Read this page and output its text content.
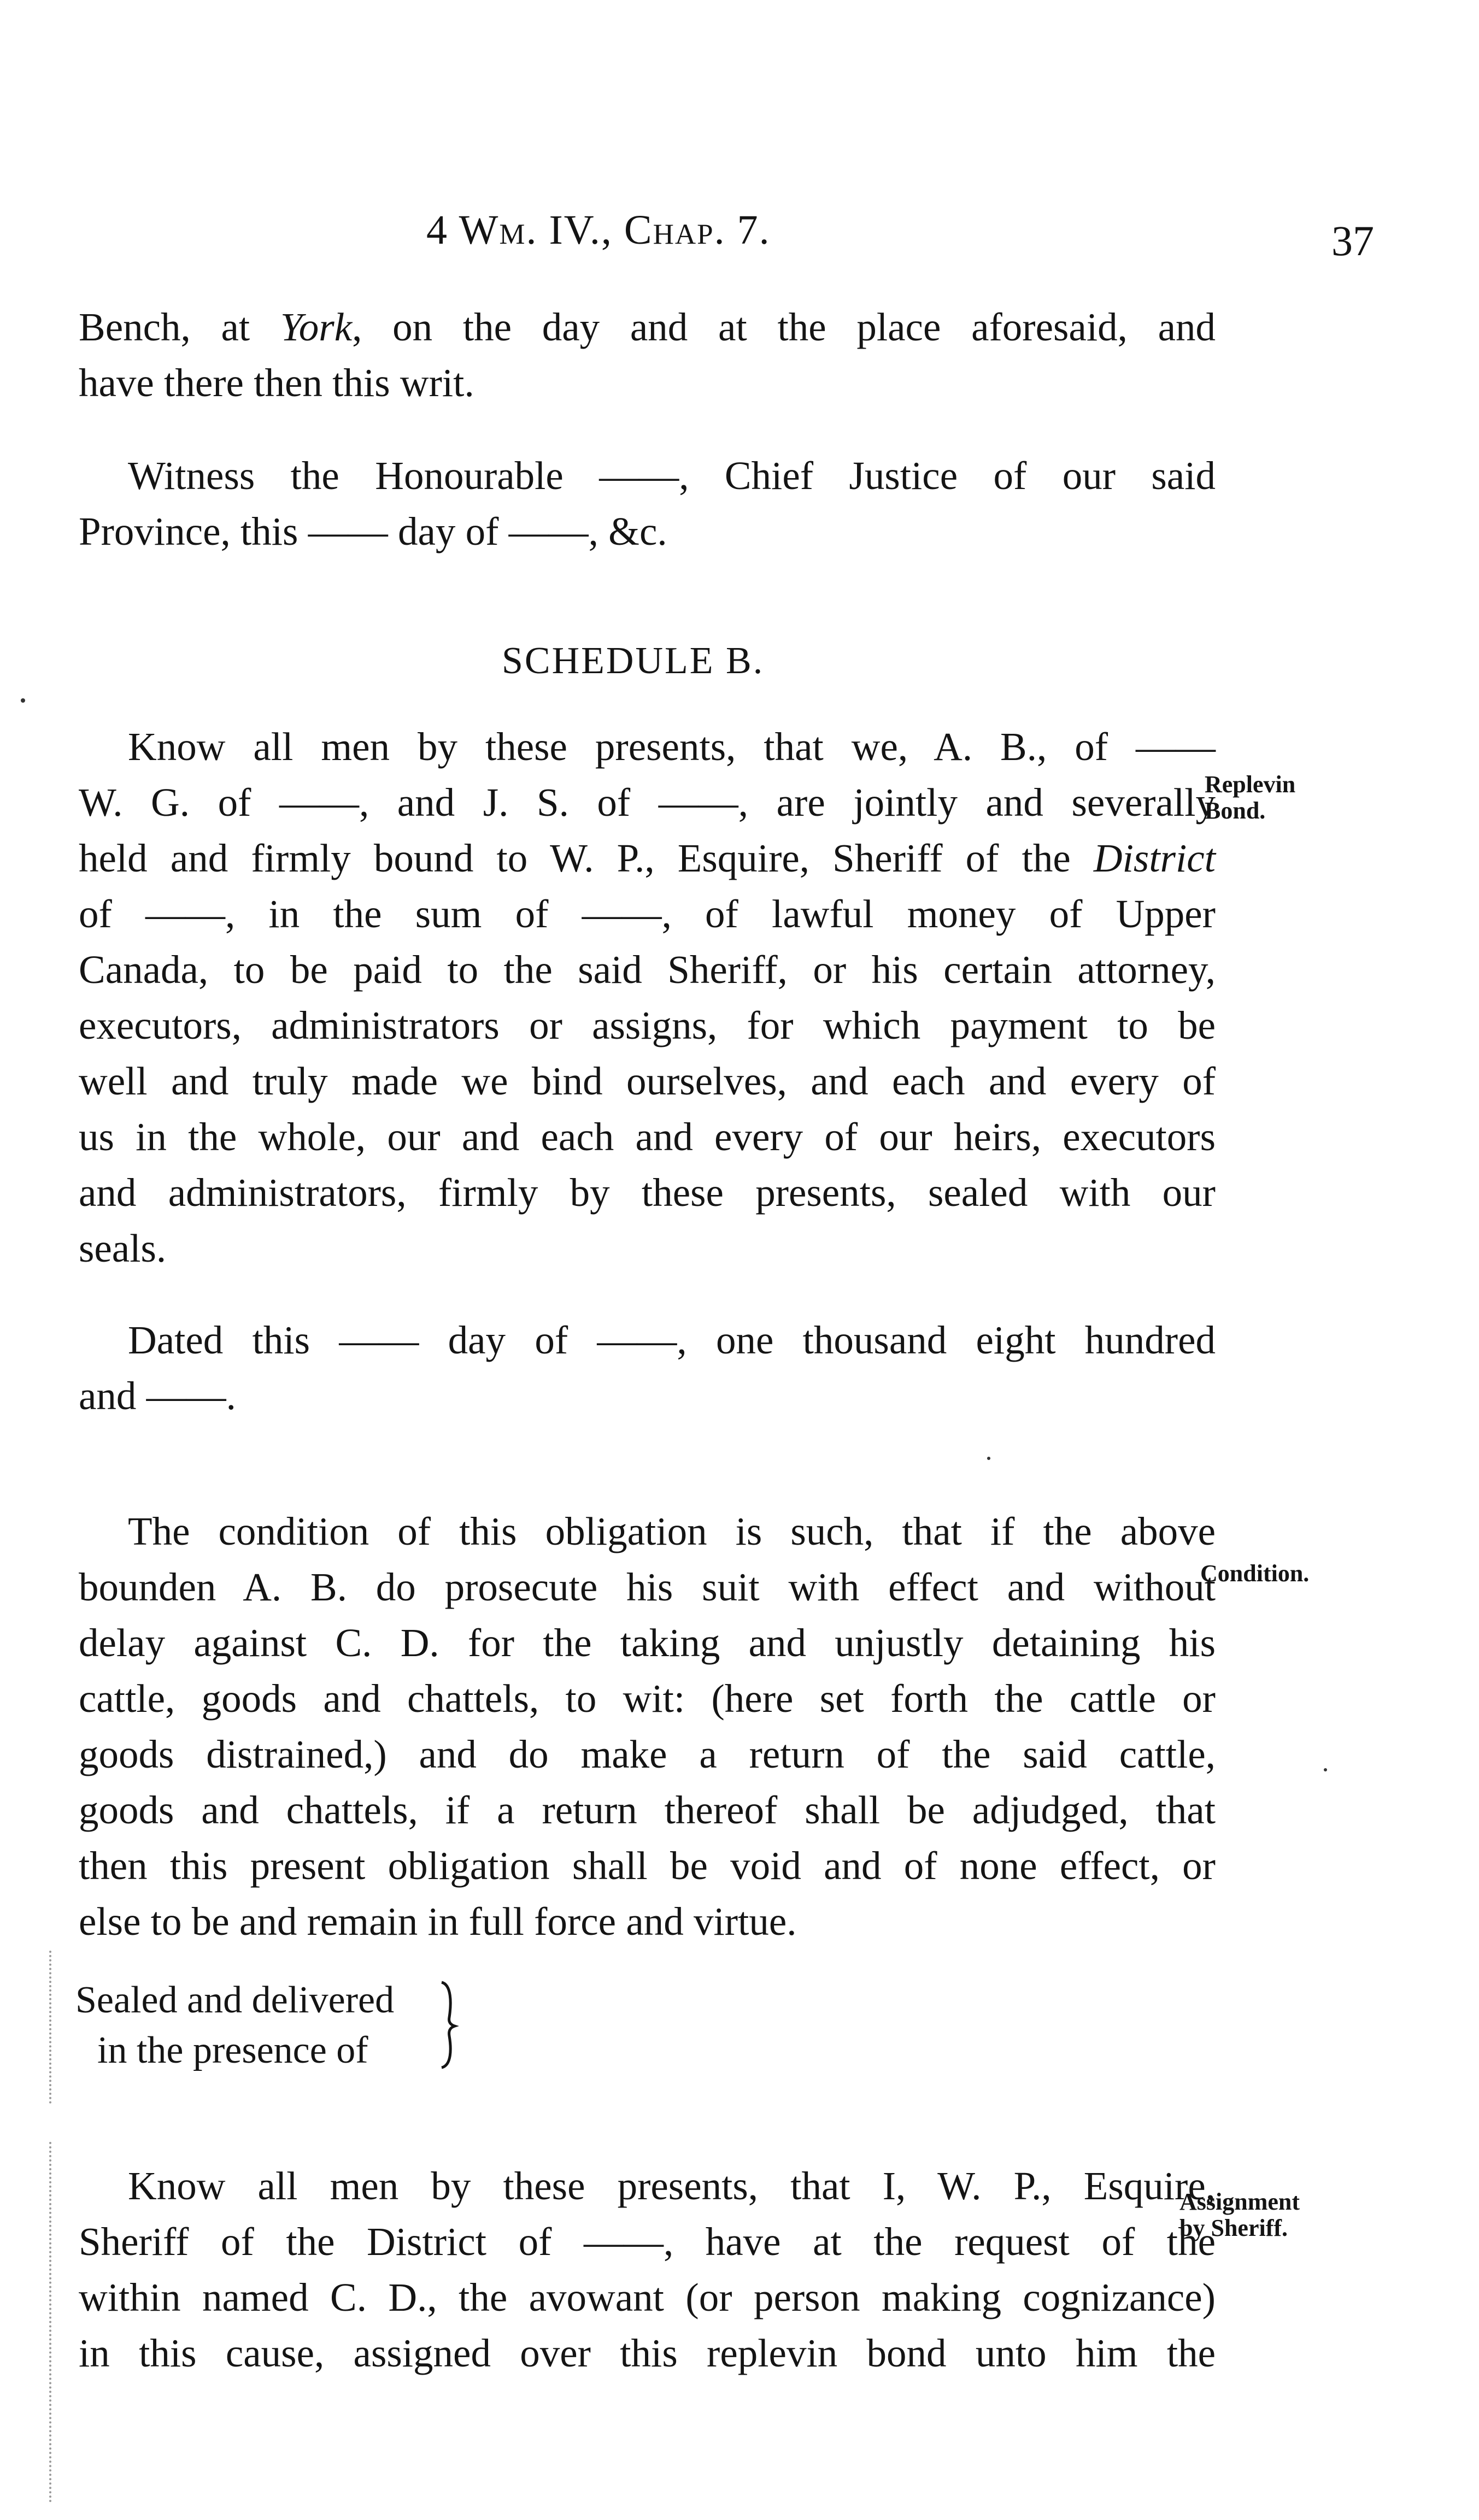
4 Wm. IV., Chap. 7.	37
Bench, at York, on the day and at the place aforesaid, and
have there then this writ.
Witness the Honourable ——, Chief Justice of our said
Province, this —— day of ——, &c.
SCHEDULE B.
Know all men by these presents, that we, A. B., of ——
W. G. of ——, and J. S. of ——, are jointly and severally
held and firmly bound to W. P., Esquire, Sheriff of the District
of ——, in the sum of ——, of lawful money of Upper
Canada, to be paid to the said Sheriff, or his certain attorney,
executors, administrators or assigns, for which payment to be
well and truly made we bind ourselves, and each and every of
us in the whole, our and each and every of our heirs, executors
and administrators, firmly by these presents, sealed with our
seals.
Replevin
Bond.
Dated this —— day of ——, one thousand eight hundred
and ——.
The condition of this obligation is such, that if the above
bounden A. B. do prosecute his suit with effect and without
delay against C. D. for the taking and unjustly detaining his
cattle, goods and chattels, to wit: (here set forth the cattle or
goods distrained,) and do make a return of the said cattle,
goods and chattels, if a return thereof shall be adjudged, that
then this present obligation shall be void and of none effect, or
else to be and remain in full force and virtue.
Condition.
Sealed and delivered
in the presence of
Know all men by these presents, that I, W. P., Esquire,
Sheriff of the District of ——, have at the request of the
within named C. D., the avowant (or person making cognizance)
in this cause, assigned over this replevin bond unto him the
Assignment
by Sheriff.
